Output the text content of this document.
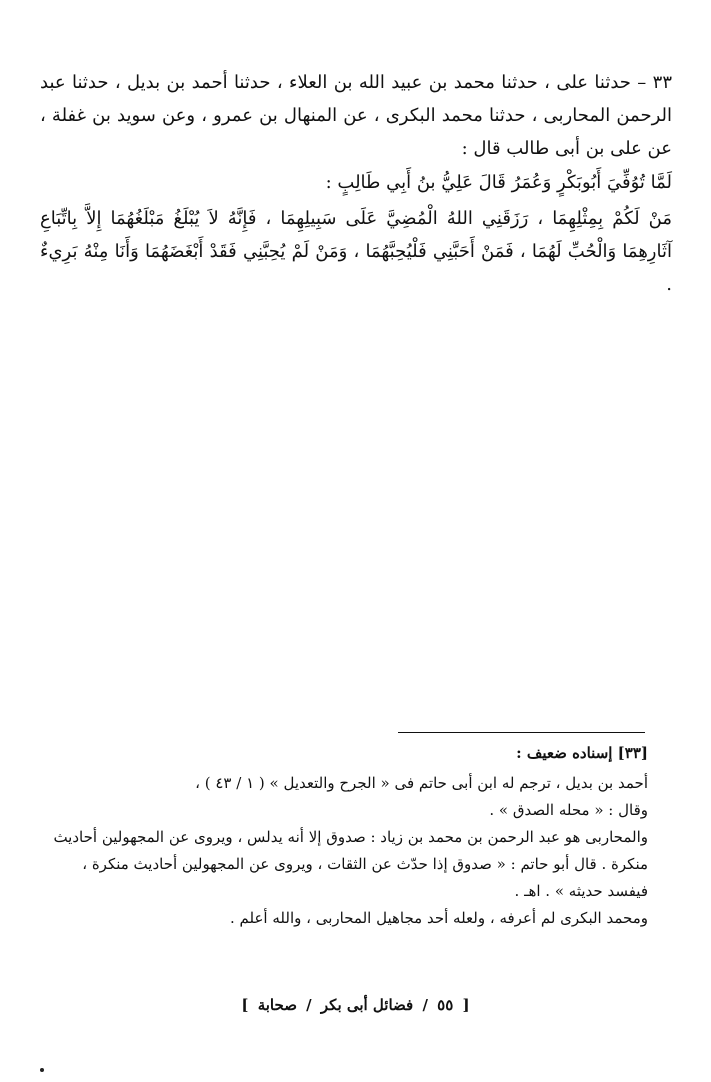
٣٣ – حدثنا على ، حدثنا محمد بن عبيد الله بن العلاء ، حدثنا أحمد بن بديل ، حدثنا عبد الرحمن المحاربى ، حدثنا محمد البكرى ، عن المنهال بن عمرو ، وعن سويد بن غفلة ، عن على بن أبى طالب قال :

لَمَّا تُوُفِّيَ أَبُوبَكْرٍ وَعُمَرُ قَالَ عَلِيُّ بنُ أَبِي طَالِبٍ :

مَنْ لَكُمْ بِمِثْلِهِمَا ، رَزَقَنِي اللهُ الْمُضِيَّ عَلَى سَبِيلِهِمَا ، فَإِنَّهُ لاَ يُبْلَغُ مَبْلَغُهُمَا إِلاَّ بِاتِّبَاعِ آثَارِهِمَا وَالْحُبِّ لَهُمَا ، فَمَنْ أَحَبَّنِي فَلْيُحِبَّهُمَا ، وَمَنْ لَمْ يُحِبَّنِي فَقَدْ أَبْغَضَهُمَا وَأَنَا مِنْهُ بَرِيءٌ .

[٣٣] إسناده ضعيف :

أحمد بن بديل ، ترجم له ابن أبى حاتم فى « الجرح والتعديل » ( ١ / ٤٣ ) ،

وقال : « محله الصدق » .

والمحاربى هو عبد الرحمن بن محمد بن زياد : صدوق إلا أنه يدلس ، ويروى عن المجهولين أحاديث منكرة . قال أبو حاتم : « صدوق إذا حدّث عن الثقات ، ويروى عن المجهولين أحاديث منكرة ، فيفسد حديثه » . اهـ .

ومحمد البكرى لم أعرفه ، ولعله أحد مجاهيل المحاربى ، والله أعلم .

[ ٥٥ / فضائل أبى بكر / صحابة ]
